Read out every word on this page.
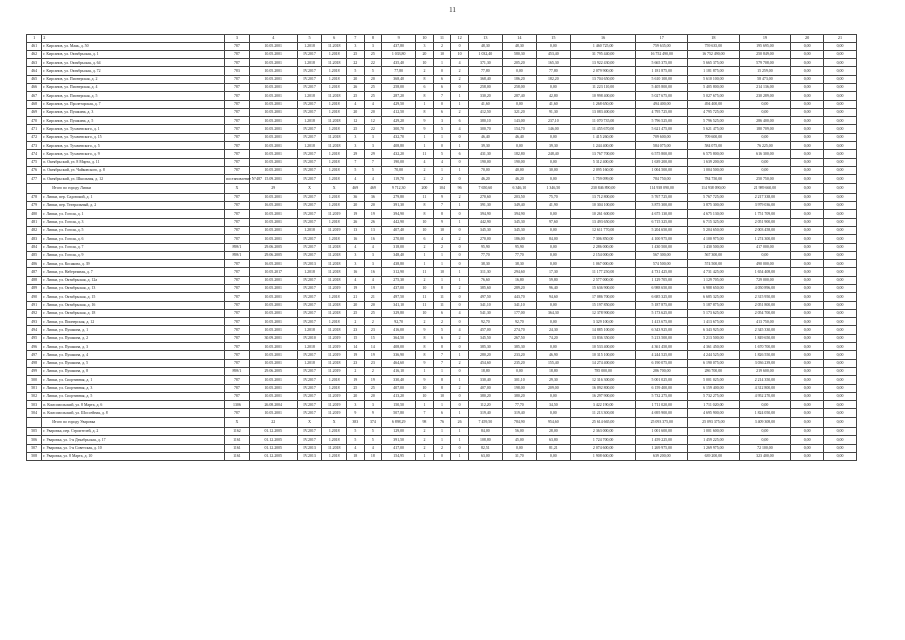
11
1	2	3	4	5	6	7	8	9	10	11	12	13	14	15	16	17	18	19	20	21
461	г. Кирсанов, ул. Маяк, д. 50	787	10.05.2001	1.2018	11.2018	3	3	437,80	3	2	0	48,30	48,30	0,00	1 460 725,00	759 635,00	759 635,00	195 695,00	0,00	0,00
462	г. Кирсанов, ул. Октябрьская, д. 1	787	10.05.2001	IV.2017	1.2018	25	25	1 033,80	20	10	10	1 032,40	580,30	453,40	31 795 440,00	16 752 490,00	16 752 490,00	250 849,00	0,00	0,00
463	г. Кирсанов, ул. Октябрьская, д. 64	787	10.05.2001	1.2018	11.2018	22	22	435,40	10	1	4	371,30	205,20	165,30	13 922 430,00	5 665 375,00	5 665 375,00	579 708,00	0,00	0,00
464	г. Кирсанов, ул. Октябрьская, д. 72	783	10.05.2001	IV.2017	1.2018	5	5	77,80	2	0	2	77,80	0,00	77,80	2 079 900,00	1 181 875,00	1 181 875,00	15 259,00	0,00	0,00
465	г. Кирсанов, ул. Пионерская, д. 2	787	10.05.2001	IV.2017	1.2018	20	20	368,40	8	6	2	368,40	186,20	182,20	13 704 650,00	5 610 100,00	5 610 100,00	58 473,00	0,00	0,00
466	г. Кирсанов, ул. Пионерская, д. 4	787	10.05.2001	IV.2017	1.2018	26	25	258,00	6	6	0	258,00	258,00	0,00	11 223 110,00	5 405 800,00	5 405 800,00	214 136,00	0,00	0,00
467	г. Кирсанов, ул. Пионерская, д. 5	787	10.05.2001	1.2018	11.2018	25	25	287,20	8	7	1	330,20	287,40	42,80	10 998 400,00	5 027 675,00	5 027 675,00	230 289,00	0,00	0,00
468	г. Кирсанов, ул. Пролетарская, д. 7	787	10.05.2001	IV.2017	1.2018	4	4	429,50	1	0	1	41,60	0,00	41,60	1 268 650,00	494 400,00	494 400,00	0,00	0,00	0,00
469	г. Кирсанов, ул. Пушкина, д. 3	787	10.05.2001	IV.2017	1.2018	20	20	412,50	8	6	2	412,50	321,20	91,30	13 083 400,00	4 795 725,00	4 795 725,00	0,00	0,00	0,00
470	г. Кирсанов, ул. Пушкина, д. 5	787	10.05.2001	1.2018	11.2018	12	12	429,20	9	3	6	380,10	143,00	237,10	11 070 735,00	5 796 525,00	5 796 525,00	286 400,00	0,00	0,00
471	г. Кирсанов, ул. Тухачевского, д. 1	787	10.05.2001	IV.2017	1.2018	25	22	300,70	9	5	4	300,70	154,70	146,00	11 455 670,00	5 621 475,00	5 621 475,00	180 709,00	0,00	0,00
472	г. Кирсанов, ул. Тухачевского, д. 15	787	10.05.2001	IV.2017	11.2018	3	3	432,70	1	1	0	46,40	46,40	0,00	1 415 260,00	709 600,00	709 600,00	0,00	0,00	0,00
473	г. Кирсанов, ул. Тухачевского, д. 5	787	10.05.2001	1.2018	11.2018	3	3	408,80	1	0	1	39,30	0,00	39,30	1 244 400,00	584 075,00	584 075,00	76 225,00	0,00	0,00
474	г. Кирсанов, ул. Тухачевского, д. 9	787	10.05.2001	IV.2017	1.2018	29	29	432,20	11	5	6	431,30	182,80	248,40	13 767 700,00	6 575 800,00	6 575 800,00	616 300,00	0,00	0,00
475	п. Октябрьский, ул. 8 Марта, д. 11	787	10.05.2001	IV.2017	1.2018	7	7	190,00	4	4	0	190,00	190,00	0,00	5 312 400,00	1 639 200,00	1 639 200,00	0,00	0,00	0,00
476	п. Октябрьский, ул. Чайковского, д. 8	787	10.05.2001	IV.2017	1.2018	5	5	70,00	2	1	1	70,00	40,00	30,00	2 095 160,00	1 004 500,00	1 004 500,00	0,00	0,00	0,00
477	п. Октябрьский, ул. Школьная, д. 12	постановление N°487	15.09.2001	IV.2017	1.2018	4	4	119,70	2	2	0	46,20	46,20	0,00	1 759 099,00	784 750,00	784 750,00	250 750,00	0,00	0,00
	Итого по городу Липки	X	29	X	X	469	469	9 712,30	200	104	96	7 650,60	6 346,10	1 346,50	230 846 890,00	114 938 090,00	114 938 090,00	21 989 660,00	0,00	0,00
478	г. Липки, пер. Садовский, д. 1	787	10.05.2001	IV.2017	1.2018	36	36	279,80	11	9	2	270,60	203,50	75,70	13 712 800,00	5 767 725,00	5 767 725,00	2 217 338,00	0,00	0,00
479	г. Липки, пер. Театральный, д. 2	787	16.05.2001	IV.2017	1.2018	20	20	391,30	8	7	1	391,30	349,40	41,90	10 304 100,00	3 875 300,00	3 875 300,00	3 979 036,00	0,00	0,00
480	г. Липки, ул. Гоголя, д. 1	787	10.05.2001	IV.2017	11.2019	19	19	394,90	8	8	0	394,90	394,90	0,00	10 261 600,00	4 675 130,00	4 675 130,00	1 751 709,00	0,00	0,00
481	г. Липки, ул. Гоголя, д. 3	787	10.05.2001	IV.2017	1.2018	26	26	442,90	10	9	1	442,90	345,30	97,60	13 493 650,00	6 715 325,00	6 715 325,00	2 051 900,00	0,00	0,00
482	г. Липки, ул. Гоголя, д. 5	787	10.05.2001	1.2018	11.2019	13	13	407,40	10	10	0	345,30	345,30	0,00	12 611 770,00	5 204 650,00	5 204 650,00	2 003 458,00	0,00	0,00
483	г. Липки, ул. Гоголя, д. 6	787	10.05.2001	IV.2017	1.2018	16	16	270,00	6	4	2	270,00	186,00	84,00	7 306 850,00	4 100 975,00	4 100 975,00	1 274 300,00	0,00	0,00
484	г. Липки, ул. Гоголя, д. 7	898/1	29.06.2005	IV.2017	11.2018	4	4	318,00	2	2	0	95,90	95,90	0,00	2 286 000,00	1 430 500,00	1 430 500,00	417 000,00	0,00	0,00
485	г. Липки, ул. Гоголя, д. 9	898/1	29.06.2005	IV.2017	11.2018	3	3	348,40	1	1	0	77,70	77,70	0,00	2 154 000,00	567 300,00	567 300,00	0,00	0,00	0,00
486	г. Липки, ул. Косякова, д. 39	787	16.05.2001	IV.2013	11.2018	3	3	438,80	1	1	0	38,30	38,30	0,00	1 067 000,00	574 500,00	574 500,00	490 000,00	0,00	0,00
487	г. Липки, ул. Набережная, д. 7	787	10.05.2017	1.2018	11.2018	16	16	312,90	11	10	1	311,30	294,60	17,30	11 177 250,00	4 731 425,00	4 731 425,00	1 654 408,00	0,00	0,00
488	г. Липки, ул. Октябрьская, д. 12а	787	10.05.2001	IV.2017	11.2018	4	4	275,30	2	1	1	76,60	16,80	59,80	2 577 000,00	1 129 705,00	1 129 705,00	729 000,00	0,00	0,00
489	г. Липки, ул. Октябрьская, д. 13	787	10.05.2001	IV.2017	11.2019	19	19	437,00	10	8	2	385,60	289,20	96,40	15 636 900,00	6 988 650,00	6 988 650,00	4 050 896,00	0,00	0,00
490	г. Липки, ул. Октябрьская, д. 15	787	10.05.2001	IV.2017	1.2018	21	21	497,50	11	11	0	497,50	443,70	94,60	17 086 700,00	6 685 325,00	6 685 325,00	2 315 950,00	0,00	0,00
491	г. Липки, ул. Октябрьская, д. 16	787	10.05.2001	IV.2017	11.2018	20	20	341,10	11	11	0	341,10	341,10	0,00	15 197 850,00	5 187 875,00	5 187 875,00	2 051 800,00	0,00	0,00
492	г. Липки, ул. Октябрьская, д. 18	787	10.05.2001	IV.2017	11.2018	25	25	329,80	10	6	4	541,30	177,00	364,30	12 378 900,00	5 173 625,00	5 173 625,00	2 054 700,00	0,00	0,00
493	г. Липки, ул. Пионерская, д. 12	787	10.05.2001	IV.2017	1.2018	2	2	92,70	2	2	0	92,70	92,70	0,00	3 329 100,00	1 413 675,00	1 413 675,00	413 750,00	0,00	0,00
494	г. Липки, ул. Пушкина, д. 1	787	10.05.2001	1.2018	11.2018	23	23	416,00	9	5	4	457,00	274,70	24,30	14 885 100,00	6 343 925,00	6 343 925,00	2 345 330,00	0,00	0,00
495	г. Липки, ул. Пушкина, д. 2	787	30.09.2001	IV.2010	11.2019	15	15	364,50	8	6	2	345,50	267,50	74,20	13 836 350,00	5 213 500,00	5 213 500,00	1 849 650,00	0,00	0,00
496	г. Липки, ул. Пушкина, д. 3	787	10.05.2001	1.2018	11.2019	14	14	408,00	8	8	0	385,30	385,30	0,00	10 533 400,00	4 361 450,00	4 361 450,00	1 670 700,00	0,00	0,00
497	г. Липки, ул. Пушкина, д. 4	787	10.05.2001	IV.2017	11.2019	19	19	336,90	8	7	1	280,20	233,20	46,90	10 315 100,00	4 244 525,00	4 244 525,00	1 826 550,00	0,00	0,00
498	г. Липки, ул. Пушкина, д. 5	787	10.05.2001	1.2018	11.2018	23	23	464,60	9	7	2	454,60	235,20	155,40	14 274 400,00	6 190 075,00	6 190 075,00	3 036 239,00	0,00	0,00
499	г. Липки, ул. Пушкина, д. 8	898/1	29.06.2005	IV.2017	11.2019	2	2	416,10	1	1	0	18,80	0,00	18,80	785 000,00	286 700,00	286 700,00	219 600,00	0,00	0,00
500	г. Липки, ул. Спортивная, д. 1	787	10.05.2001	IV.2017	1.2018	19	19	330,40	9	8	1	330,40	301,10	29,30	12 316 300,00	5 001 025,00	5 001 025,00	2 214 350,00	0,00	0,00
501	г. Липки, ул. Спортивная, д. 3	787	10.05.2001	IV.2017	1.2018	25	25	407,00	10	8	2	407,00	198,00	209,00	16 092 800,00	6 159 400,00	6 159 400,00	4 312 800,00	0,00	0,00
502	г. Липки, ул. Спортивная, д. 5	787	10.05.2001	IV.2017	11.2019	20	20	413,20	10	10	0	380,20	380,20	0,00	16 297 900,00	5 732 275,00	5 732 275,00	4 952 270,00	0,00	0,00
503	п. Комсомольский, ул. 8 Марта, д. 6	1306	26.08.2004	IV.2017	11.2019	3	3	150,50	1	1	0	112,20	77,70	34,50	3 422 190,00	1 711 020,00	1 711 020,00	0,00	0,00	0,00
504	п. Комсомольский, ул. Шоссейная, д. 8	787	10.05.2001	IV.2017	11.2019	9	9	507,80	7	6	1	319,40	319,40	0,00	11 213 300,00	4 695 900,00	4 695 900,00	1 824 050,00	0,00	0,00
	Итого по городу Уваровка	X	22	X	X	383	374	6 898,29	98	76	26	7 459,50	784,90	954,60	25 614 665,00	25 093 375,00	25 093 375,00	3 409 308,00	0,00	0,00
505	г. Уваровка, пер. Строителей, д. 2	1162	01.12.2005	IV.2017	1.2018	5	5	129,00	2	1	1	84,00	56,00	28,00	2 363 000,00	1 001 600,00	1 001 600,00	0,00	0,00	0,00
506	г. Уваровка, ул. 1-я Декабрьская, д. 17	1161	01.12.2005	IV.2017	1.2018	5	5	391,50	2	1	1	108,80	45,00	63,80	1 724 700,00	1 459 225,00	1 459 225,00	0,00	0,00	0,00
507	г. Уваровка, ул. 1-я Советская, д. 10	1161	01.12.2005	IV.2013	11.2018	4	4	417,00	2	2	0	82,51	0,00	81,21	2 074 600,00	1 269 975,00	1 269 975,00	72 100,00	0,00	0,00
508	г. Уваровка, ул. 8 Марта, д. 10	1161	01.12.2005	IV.2013	1.2018	18	18	154,95	1	0	1	63,00	31,70	0,00	1 908 600,00	639 200,00	639 200,00	323 400,00	0,00	0,00
